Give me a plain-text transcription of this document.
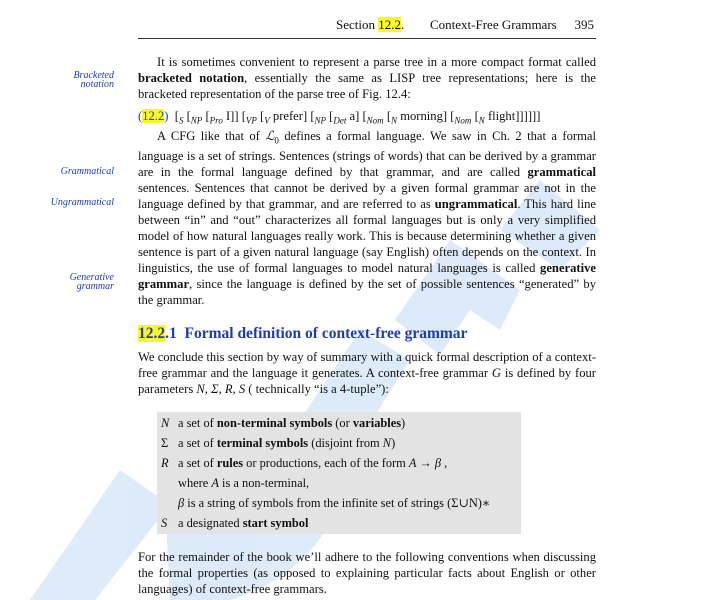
Section 12.2. Context-Free Grammars 395
Bracketed
notation

It is sometimes convenient to represent a parse tree in a more compact format called bracketed notation, essentially the same as LISP tree representations; here is the bracketed representation of the parse tree of Fig. 12.4:

(12.2) [$_S$ [$_{NP}$ [$_{Pro}$ I]] [$_{VP}$ [$_V$ prefer] [$_{NP}$ [$_{Det}$ a] [$_{Nom}$ [$_N$ morning] [$_{Nom}$ [$_N$ flight]]]]]]
Grammatical
Ungrammatical
Generative
grammar

A CFG like that of ℒ$_0$ defines a formal language. We saw in Ch. 2 that a formal language is a set of strings. Sentences (strings of words) that can be derived by a grammar are in the formal language defined by that grammar, and are called grammatical sentences. Sentences that cannot be derived by a given formal grammar are not in the language defined by that grammar, and are referred to as ungrammatical. This hard line between “in” and “out” characterizes all formal languages but is only a very simplified model of how natural languages really work. This is because determining whether a given sentence is part of a given natural language (say English) often depends on the context. In linguistics, the use of formal languages to model natural languages is called generative grammar, since the language is defined by the set of possible sentences “generated” by the grammar.

12.2.1 Formal definition of context-free grammar

We conclude this section by way of summary with a quick formal description of a context-free grammar and the language it generates. A context-free grammar G is defined by four parameters N, Σ, R, S ( technically “is a 4-tuple”):

N a set of non-terminal symbols (or variables)
Σ a set of terminal symbols (disjoint from N)
R a set of rules or productions, each of the form A → β ,
where A is a non-terminal,
β is a string of symbols from the infinite set of strings (Σ∪N)∗
S a designated start symbol

For the remainder of the book we’ll adhere to the following conventions when discussing the formal properties (as opposed to explaining particular facts about English or other languages) of context-free grammars.
